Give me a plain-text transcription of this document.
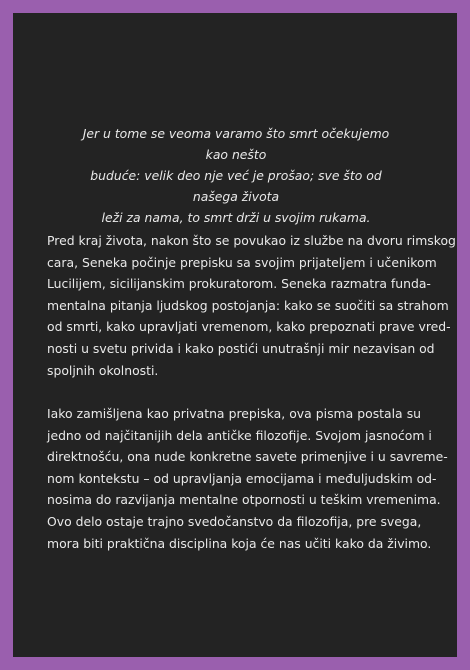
Jer u tome se veoma varamo što smrt očekujemo kao nešto
buduće: velik deo nje već je prošao; sve što od našega života
leži za nama, to smrt drži u svojim rukama.

Pred kraj života, nakon što se povukao iz službe na dvoru rimskog
cara, Seneka počinje prepisku sa svojim prijateljem i učenikom
Lucilijem, sicilijanskim prokuratorom. Seneka razmatra funda-
mentalna pitanja ljudskog postojanja: kako se suočiti sa strahom
od smrti, kako upravljati vremenom, kako prepoznati prave vred-
nosti u svetu privida i kako postići unutrašnji mir nezavisan od
spoljnih okolnosti.
Iako zamišljena kao privatna prepiska, ova pisma postala su
jedno od najčitanijih dela antičke filozofije. Svojom jasnoćom i
direktnošću, ona nude konkretne savete primenjive i u savreme-
nom kontekstu – od upravljanja emocijama i međuljudskim od-
nosima do razvijanja mentalne otpornosti u teškim vremenima.
Ovo delo ostaje trajno svedočanstvo da filozofija, pre svega,
mora biti praktična disciplina koja će nas učiti kako da živimo.
